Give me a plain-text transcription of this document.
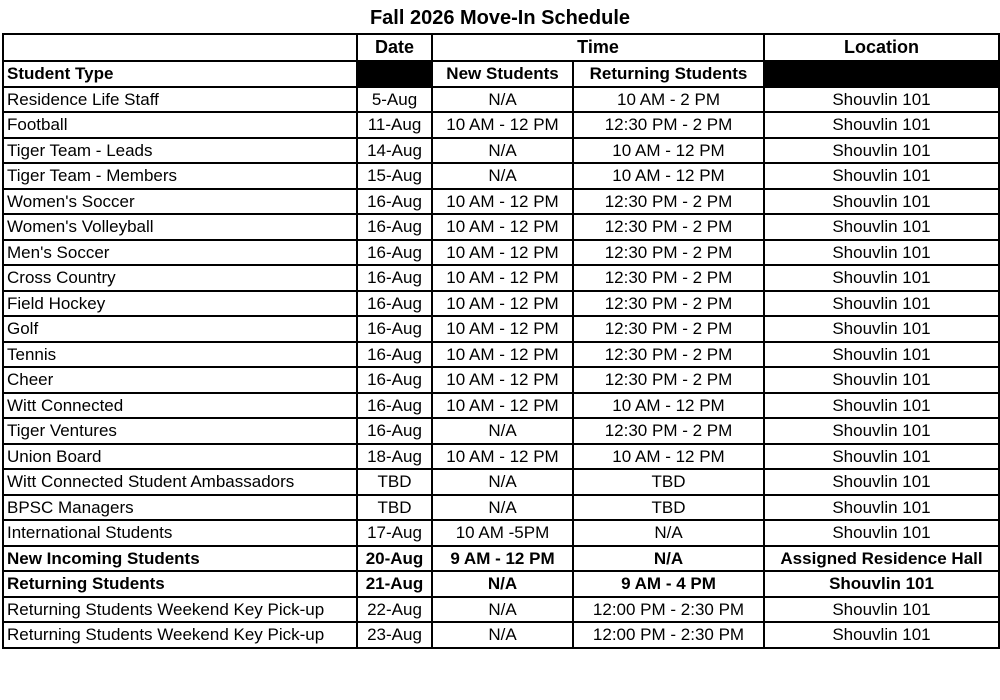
Fall 2026 Move-In Schedule
	Date	Time		Location
Student Type		New Students	Returning Students	
Residence Life Staff	5-Aug	N/A	10 AM - 2 PM	Shouvlin 101
Football	11-Aug	10 AM - 12 PM	12:30 PM - 2 PM	Shouvlin 101
Tiger Team - Leads	14-Aug	N/A	10 AM - 12 PM	Shouvlin 101
Tiger Team - Members	15-Aug	N/A	10 AM - 12 PM	Shouvlin 101
Women's Soccer	16-Aug	10 AM - 12 PM	12:30 PM - 2 PM	Shouvlin 101
Women's Volleyball	16-Aug	10 AM - 12 PM	12:30 PM - 2 PM	Shouvlin 101
Men's Soccer	16-Aug	10 AM - 12 PM	12:30 PM - 2 PM	Shouvlin 101
Cross Country	16-Aug	10 AM - 12 PM	12:30 PM - 2 PM	Shouvlin 101
Field Hockey	16-Aug	10 AM - 12 PM	12:30 PM - 2 PM	Shouvlin 101
Golf	16-Aug	10 AM - 12 PM	12:30 PM - 2 PM	Shouvlin 101
Tennis	16-Aug	10 AM - 12 PM	12:30 PM - 2 PM	Shouvlin 101
Cheer	16-Aug	10 AM - 12 PM	12:30 PM - 2 PM	Shouvlin 101
Witt Connected	16-Aug	10 AM - 12 PM	10 AM - 12 PM	Shouvlin 101
Tiger Ventures	16-Aug	N/A	12:30 PM - 2 PM	Shouvlin 101
Union Board	18-Aug	10 AM - 12 PM	10 AM - 12 PM	Shouvlin 101
Witt Connected Student Ambassadors	TBD	N/A	TBD	Shouvlin 101
BPSC Managers	TBD	N/A	TBD	Shouvlin 101
International Students	17-Aug	10 AM -5PM	N/A	Shouvlin 101
New Incoming Students	20-Aug	9 AM - 12 PM	N/A	Assigned Residence Hall
Returning Students	21-Aug	N/A	9 AM - 4 PM	Shouvlin 101
Returning Students Weekend Key Pick-up	22-Aug	N/A	12:00 PM - 2:30 PM	Shouvlin 101
Returning Students Weekend Key Pick-up	23-Aug	N/A	12:00 PM - 2:30 PM	Shouvlin 101
